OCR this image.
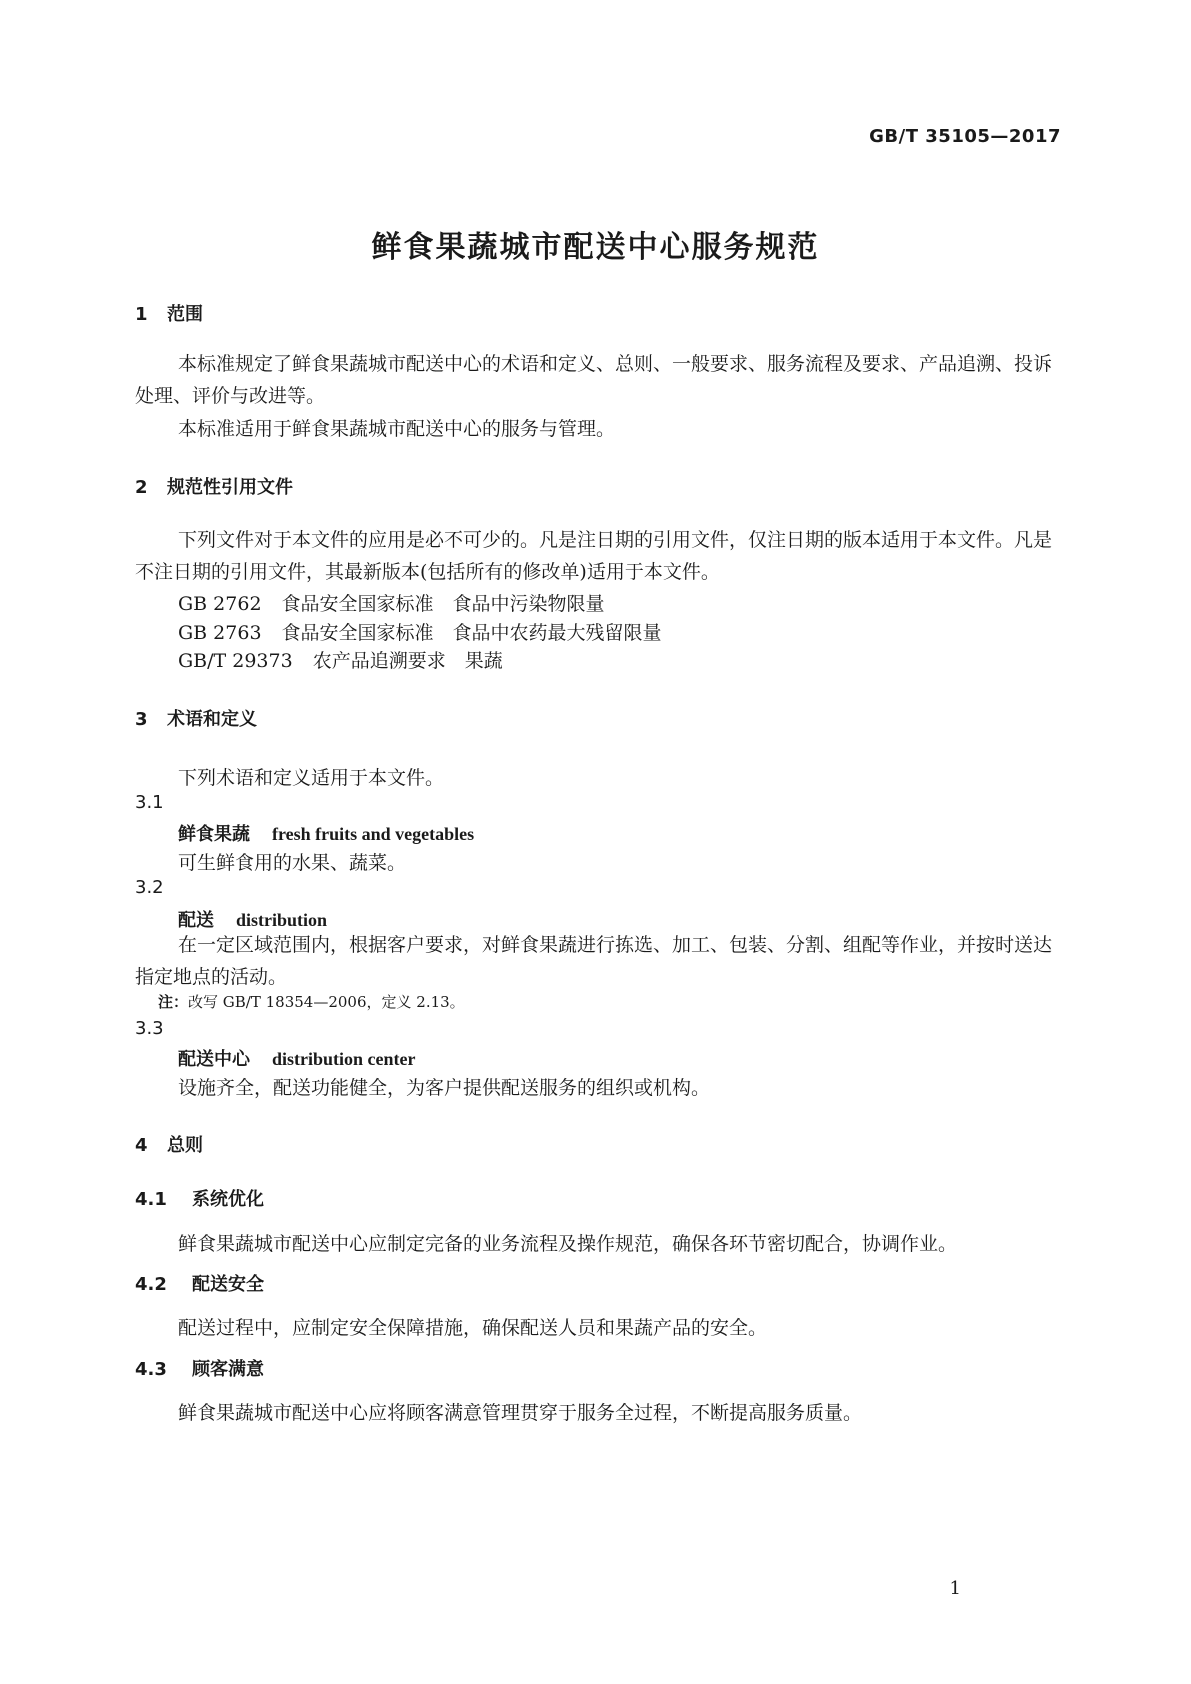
GB/T 35105—2017
鲜食果蔬城市配送中心服务规范
1 范围
本标准规定了鲜食果蔬城市配送中心的术语和定义、总则、一般要求、服务流程及要求、产品追溯、投诉处理、评价与改进等。
本标准适用于鲜食果蔬城市配送中心的服务与管理。
2 规范性引用文件
下列文件对于本文件的应用是必不可少的。凡是注日期的引用文件，仅注日期的版本适用于本文件。凡是不注日期的引用文件，其最新版本(包括所有的修改单)适用于本文件。
GB 2762 食品安全国家标准　食品中污染物限量
GB 2763 食品安全国家标准　食品中农药最大残留限量
GB/T 29373 农产品追溯要求　果蔬
3 术语和定义
下列术语和定义适用于本文件。
3.1
鲜食果蔬 fresh fruits and vegetables
可生鲜食用的水果、蔬菜。
3.2
配送 distribution
在一定区域范围内，根据客户要求，对鲜食果蔬进行拣选、加工、包装、分割、组配等作业，并按时送达指定地点的活动。
注：改写 GB/T 18354—2006，定义 2.13。
3.3
配送中心 distribution center
设施齐全，配送功能健全，为客户提供配送服务的组织或机构。
4 总则
4.1 系统优化
鲜食果蔬城市配送中心应制定完备的业务流程及操作规范，确保各环节密切配合，协调作业。
4.2 配送安全
配送过程中，应制定安全保障措施，确保配送人员和果蔬产品的安全。
4.3 顾客满意
鲜食果蔬城市配送中心应将顾客满意管理贯穿于服务全过程，不断提高服务质量。
1
